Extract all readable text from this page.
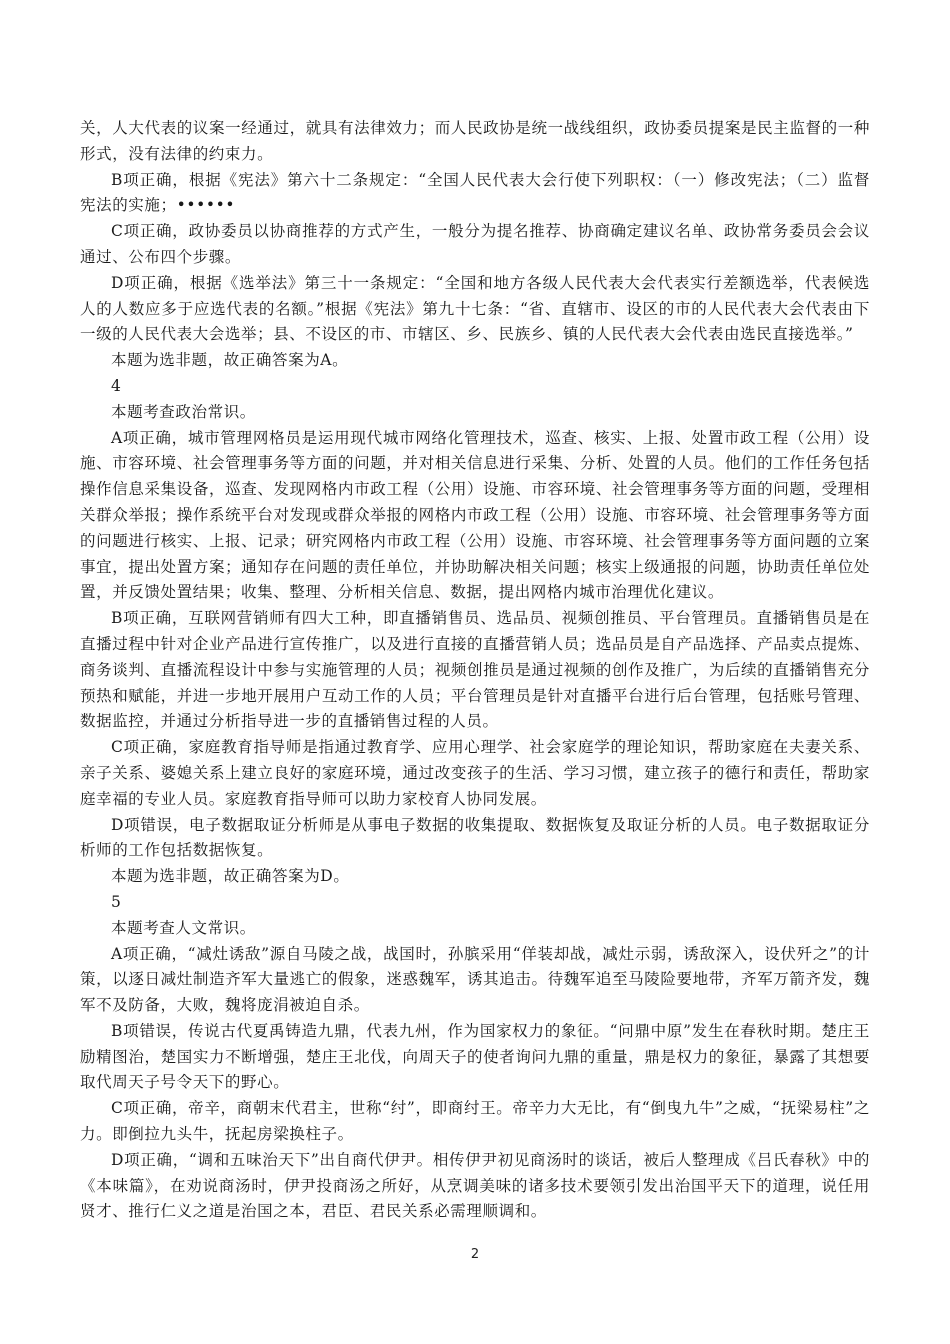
关，人大代表的议案一经通过，就具有法律效力；而人民政协是统一战线组织，政协委员提案是民主监督的一种形式，没有法律的约束力。

B项正确，根据《宪法》第六十二条规定：“全国人民代表大会行使下列职权：（一）修改宪法；（二）监督宪法的实施；••••••

C项正确，政协委员以协商推荐的方式产生，一般分为提名推荐、协商确定建议名单、政协常务委员会会议通过、公布四个步骤。

D项正确，根据《选举法》第三十一条规定：“全国和地方各级人民代表大会代表实行差额选举，代表候选人的人数应多于应选代表的名额。”根据《宪法》第九十七条：“省、直辖市、设区的市的人民代表大会代表由下一级的人民代表大会选举；县、不设区的市、市辖区、乡、民族乡、镇的人民代表大会代表由选民直接选举。”

本题为选非题，故正确答案为A。

4

本题考查政治常识。

A项正确，城市管理网格员是运用现代城市网络化管理技术，巡查、核实、上报、处置市政工程（公用）设施、市容环境、社会管理事务等方面的问题，并对相关信息进行采集、分析、处置的人员。他们的工作任务包括操作信息采集设备，巡查、发现网格内市政工程（公用）设施、市容环境、社会管理事务等方面的问题，受理相关群众举报；操作系统平台对发现或群众举报的网格内市政工程（公用）设施、市容环境、社会管理事务等方面的问题进行核实、上报、记录；研究网格内市政工程（公用）设施、市容环境、社会管理事务等方面问题的立案事宜，提出处置方案；通知存在问题的责任单位，并协助解决相关问题；核实上级通报的问题，协助责任单位处置，并反馈处置结果；收集、整理、分析相关信息、数据，提出网格内城市治理优化建议。

B项正确，互联网营销师有四大工种，即直播销售员、选品员、视频创推员、平台管理员。直播销售员是在直播过程中针对企业产品进行宣传推广，以及进行直接的直播营销人员；选品员是自产品选择、产品卖点提炼、商务谈判、直播流程设计中参与实施管理的人员；视频创推员是通过视频的创作及推广，为后续的直播销售充分预热和赋能，并进一步地开展用户互动工作的人员；平台管理员是针对直播平台进行后台管理，包括账号管理、数据监控，并通过分析指导进一步的直播销售过程的人员。

C项正确，家庭教育指导师是指通过教育学、应用心理学、社会家庭学的理论知识，帮助家庭在夫妻关系、亲子关系、婆媳关系上建立良好的家庭环境，通过改变孩子的生活、学习习惯，建立孩子的德行和责任，帮助家庭幸福的专业人员。家庭教育指导师可以助力家校育人协同发展。

D项错误，电子数据取证分析师是从事电子数据的收集提取、数据恢复及取证分析的人员。电子数据取证分析师的工作包括数据恢复。

本题为选非题，故正确答案为D。

5

本题考查人文常识。

A项正确，“减灶诱敌”源自马陵之战，战国时，孙膑采用“佯装却战，减灶示弱，诱敌深入，设伏歼之”的计策，以逐日减灶制造齐军大量逃亡的假象，迷惑魏军，诱其追击。待魏军追至马陵险要地带，齐军万箭齐发，魏军不及防备，大败，魏将庞涓被迫自杀。

B项错误，传说古代夏禹铸造九鼎，代表九州，作为国家权力的象征。“问鼎中原”发生在春秋时期。楚庄王励精图治，楚国实力不断增强，楚庄王北伐，向周天子的使者询问九鼎的重量，鼎是权力的象征，暴露了其想要取代周天子号令天下的野心。

C项正确，帝辛，商朝末代君主，世称“纣”，即商纣王。帝辛力大无比，有“倒曳九牛”之威，“抚梁易柱”之力。即倒拉九头牛，抚起房梁换柱子。

D项正确，“调和五味治天下”出自商代伊尹。相传伊尹初见商汤时的谈话，被后人整理成《吕氏春秋》中的《本味篇》，在劝说商汤时，伊尹投商汤之所好，从烹调美味的诸多技术要领引发出治国平天下的道理，说任用贤才、推行仁义之道是治国之本，君臣、君民关系必需理顺调和。

2
